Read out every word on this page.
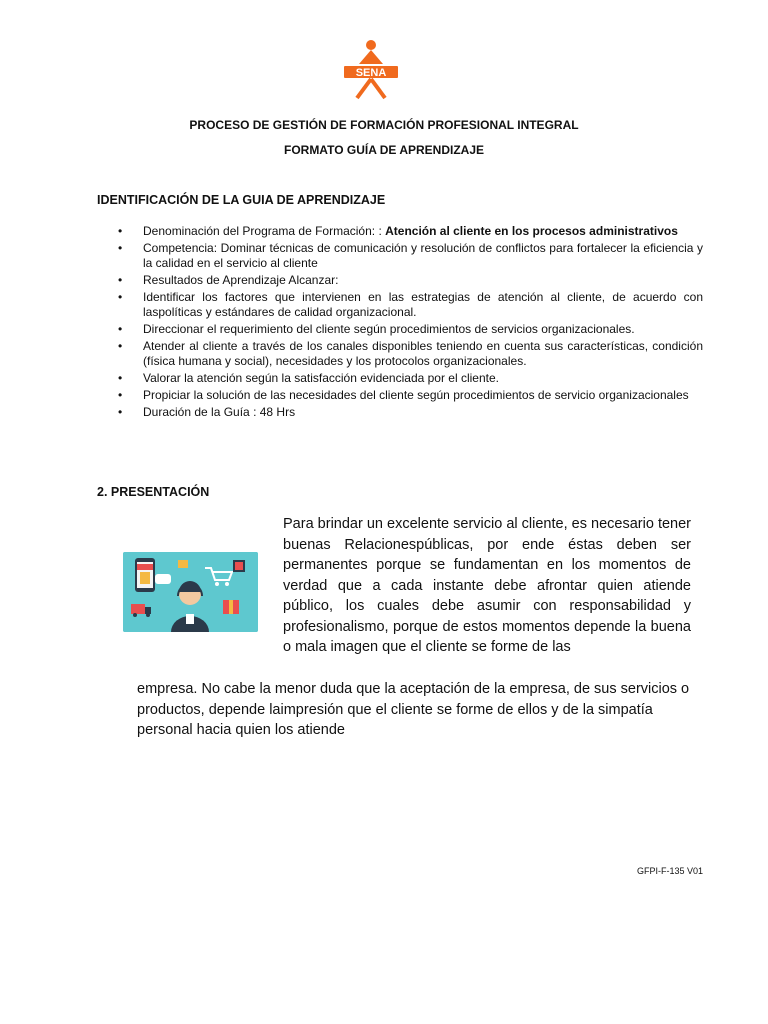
SENA
PROCESO DE GESTIÓN DE FORMACIÓN PROFESIONAL INTEGRAL
FORMATO GUÍA DE APRENDIZAJE
IDENTIFICACIÓN DE LA GUIA DE APRENDIZAJE
• Denominación del Programa de Formación: : Atención al cliente en los procesos administrativos
• Competencia: Dominar técnicas de comunicación y resolución de conflictos para fortalecer la eficiencia y la calidad en el servicio al cliente
• Resultados de Aprendizaje Alcanzar:
• Identificar los factores que intervienen en las estrategias de atención al cliente, de acuerdo con laspolíticas y estándares de calidad organizacional.
• Direccionar el requerimiento del cliente según procedimientos de servicios organizacionales.
• Atender al cliente a través de los canales disponibles teniendo en cuenta sus características, condición (física humana y social), necesidades y los protocolos organizacionales.
• Valorar la atención según la satisfacción evidenciada por el cliente.
• Propiciar la solución de las necesidades del cliente según procedimientos de servicio organizacionales
• Duración de la Guía : 48 Hrs
2. PRESENTACIÓN
Para brindar un excelente servicio al cliente, es necesario tener buenas Relacionespúblicas, por ende éstas deben ser permanentes porque se fundamentan en los momentos de verdad que a cada instante debe afrontar quien atiende público, los cuales debe asumir con responsabilidad y profesionalismo, porque de estos momentos depende la buena o mala imagen que el cliente se forme de las
empresa. No cabe la menor duda que la aceptación de la empresa, de sus servicios o productos, depende laimpresión que el cliente se forme de ellos y de la simpatía personal hacia quien los atiende
GFPI-F-135 V01
